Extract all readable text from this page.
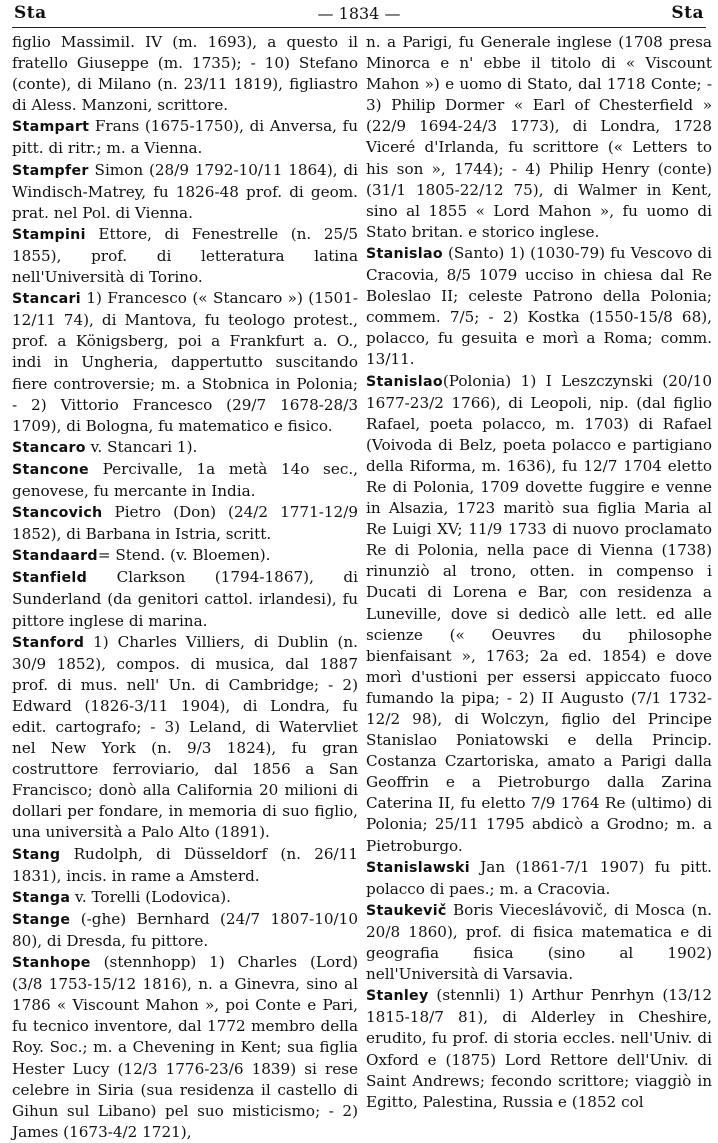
Sta	— 1834 —	Sta

figlio Massimil. IV (m. 1693), a questo il fratello Giuseppe (m. 1735); - 10) Stefano (conte), di Milano (n. 23/11 1819), figliastro di Aless. Manzoni, scrittore.

Stampart Frans (1675-1750), di Anversa, fu pitt. di ritr.; m. a Vienna.

Stampfer Simon (28/9 1792-10/11 1864), di Windisch-Matrey, fu 1826-48 prof. di geom. prat. nel Pol. di Vienna.

Stampini Ettore, di Fenestrelle (n. 25/5 1855), prof. di letteratura latina nell'Università di Torino.

Stancari 1) Francesco (« Stancaro ») (1501-12/11 74), di Mantova, fu teologo protest., prof. a Königsberg, poi a Frankfurt a. O., indi in Ungheria, dappertutto suscitando fiere controversie; m. a Stobnica in Polonia; - 2) Vittorio Francesco (29/7 1678-28/3 1709), di Bologna, fu matematico e fisico.

Stancaro v. Stancari 1).

Stancone Percivalle, 1a metà 14o sec., genovese, fu mercante in India.

Stancovich Pietro (Don) (24/2 1771-12/9 1852), di Barbana in Istria, scritt.

Standaard= Stend. (v. Bloemen).

Stanfield Clarkson (1794-1867), di Sunderland (da genitori cattol. irlandesi), fu pittore inglese di marina.

Stanford 1) Charles Villiers, di Dublin (n. 30/9 1852), compos. di musica, dal 1887 prof. di mus. nell' Un. di Cambridge; - 2) Edward (1826-3/11 1904), di Londra, fu edit. cartografo; - 3) Leland, di Watervliet nel New York (n. 9/3 1824), fu gran costruttore ferroviario, dal 1856 a San Francisco; donò alla California 20 milioni di dollari per fondare, in memoria di suo figlio, una università a Palo Alto (1891).

Stang Rudolph, di Düsseldorf (n. 26/11 1831), incis. in rame a Amsterd.

Stanga v. Torelli (Lodovica).

Stange (-ghe) Bernhard (24/7 1807-10/10 80), di Dresda, fu pittore.

Stanhope (stennhopp) 1) Charles (Lord) (3/8 1753-15/12 1816), n. a Ginevra, sino al 1786 « Viscount Mahon », poi Conte e Pari, fu tecnico inventore, dal 1772 membro della Roy. Soc.; m. a Chevening in Kent; sua figlia Hester Lucy (12/3 1776-23/6 1839) si rese celebre in Siria (sua residenza il castello di Gihun sul Libano) pel suo misticismo; - 2) James (1673-4/2 1721),

n. a Parigi, fu Generale inglese (1708 presa Minorca e n' ebbe il titolo di « Viscount Mahon ») e uomo di Stato, dal 1718 Conte; - 3) Philip Dormer « Earl of Chesterfield » (22/9 1694-24/3 1773), di Londra, 1728 Viceré d'Irlanda, fu scrittore (« Letters to his son », 1744); - 4) Philip Henry (conte) (31/1 1805-22/12 75), di Walmer in Kent, sino al 1855 « Lord Mahon », fu uomo di Stato britan. e storico inglese.

Stanislao (Santo) 1) (1030-79) fu Vescovo di Cracovia, 8/5 1079 ucciso in chiesa dal Re Boleslao II; celeste Patrono della Polonia; commem. 7/5; - 2) Kostka (1550-15/8 68), polacco, fu gesuita e morì a Roma; comm. 13/11.

Stanislao(Polonia) 1) I Leszczynski (20/10 1677-23/2 1766), di Leopoli, nip. (dal figlio Rafael, poeta polacco, m. 1703) di Rafael (Voivoda di Belz, poeta polacco e partigiano della Riforma, m. 1636), fu 12/7 1704 eletto Re di Polonia, 1709 dovette fuggire e venne in Alsazia, 1723 maritò sua figlia Maria al Re Luigi XV; 11/9 1733 di nuovo proclamato Re di Polonia, nella pace di Vienna (1738) rinunziò al trono, otten. in compenso i Ducati di Lorena e Bar, con residenza a Luneville, dove si dedicò alle lett. ed alle scienze (« Oeuvres du philosophe bienfaisant », 1763; 2a ed. 1854) e dove morì d'ustioni per essersi appiccato fuoco fumando la pipa; - 2) II Augusto (7/1 1732-12/2 98), di Wolczyn, figlio del Principe Stanislao Poniatowski e della Princip. Costanza Czartoriska, amato a Parigi dalla Geoffrin e a Pietroburgo dalla Zarina Caterina II, fu eletto 7/9 1764 Re (ultimo) di Polonia; 25/11 1795 abdicò a Grodno; m. a Pietroburgo.

Stanislawski Jan (1861-7/1 1907) fu pitt. polacco di paes.; m. a Cracovia.

Staukevič Boris Vieceslávovič, di Mosca (n. 20/8 1860), prof. di fisica matematica e di geografia fisica (sino al 1902) nell'Università di Varsavia.

Stanley (stennli) 1) Arthur Penrhyn (13/12 1815-18/7 81), di Alderley in Cheshire, erudito, fu prof. di storia eccles. nell'Univ. di Oxford e (1875) Lord Rettore dell'Univ. di Saint Andrews; fecondo scrittore; viaggiò in Egitto, Palestina, Russia e (1852 col
